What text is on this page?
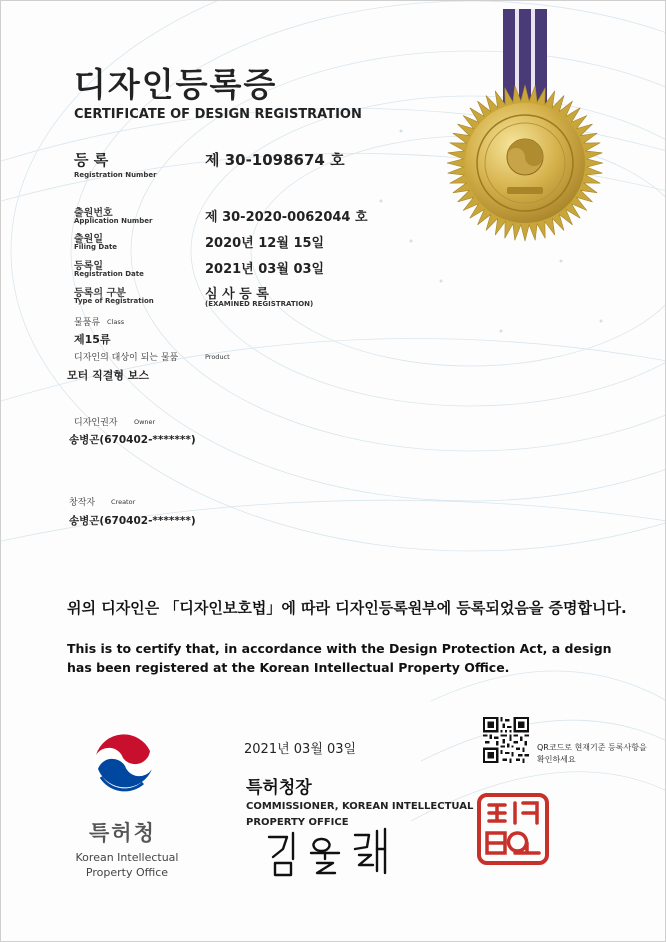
디자인등록증
CERTIFICATE OF DESIGN REGISTRATION
등 록
Registration Number
제 30-1098674 호
출원번호
Application Number	제 30-2020-0062044 호
출원일
Filing Date	2020년 12월 15일
등록일
Registration Date	2021년 03월 03일
등록의 구분
Type of Registration	심 사 등 록
(EXAMINED REGISTRATION)
물품류 Class
제15류
디자인의 대상이 되는 물품	Product
모터 직결형 보스
디자인권자	Owner
송병곤(670402-*******)
창작자 Creator
송병곤(670402-*******)
위의 디자인은 「디자인보호법」에 따라 디자인등록원부에 등록되었음을 증명합니다.
This is to certify that, in accordance with the Design Protection Act, a design has been registered at the Korean Intellectual Property Office.
특허청
Korean Intellectual Property Office
2021년 03월 03일
특허청장
COMMISSIONER, KOREAN INTELLECTUAL PROPERTY OFFICE
QR코드로 현재기준 등록사항을 확인하세요
